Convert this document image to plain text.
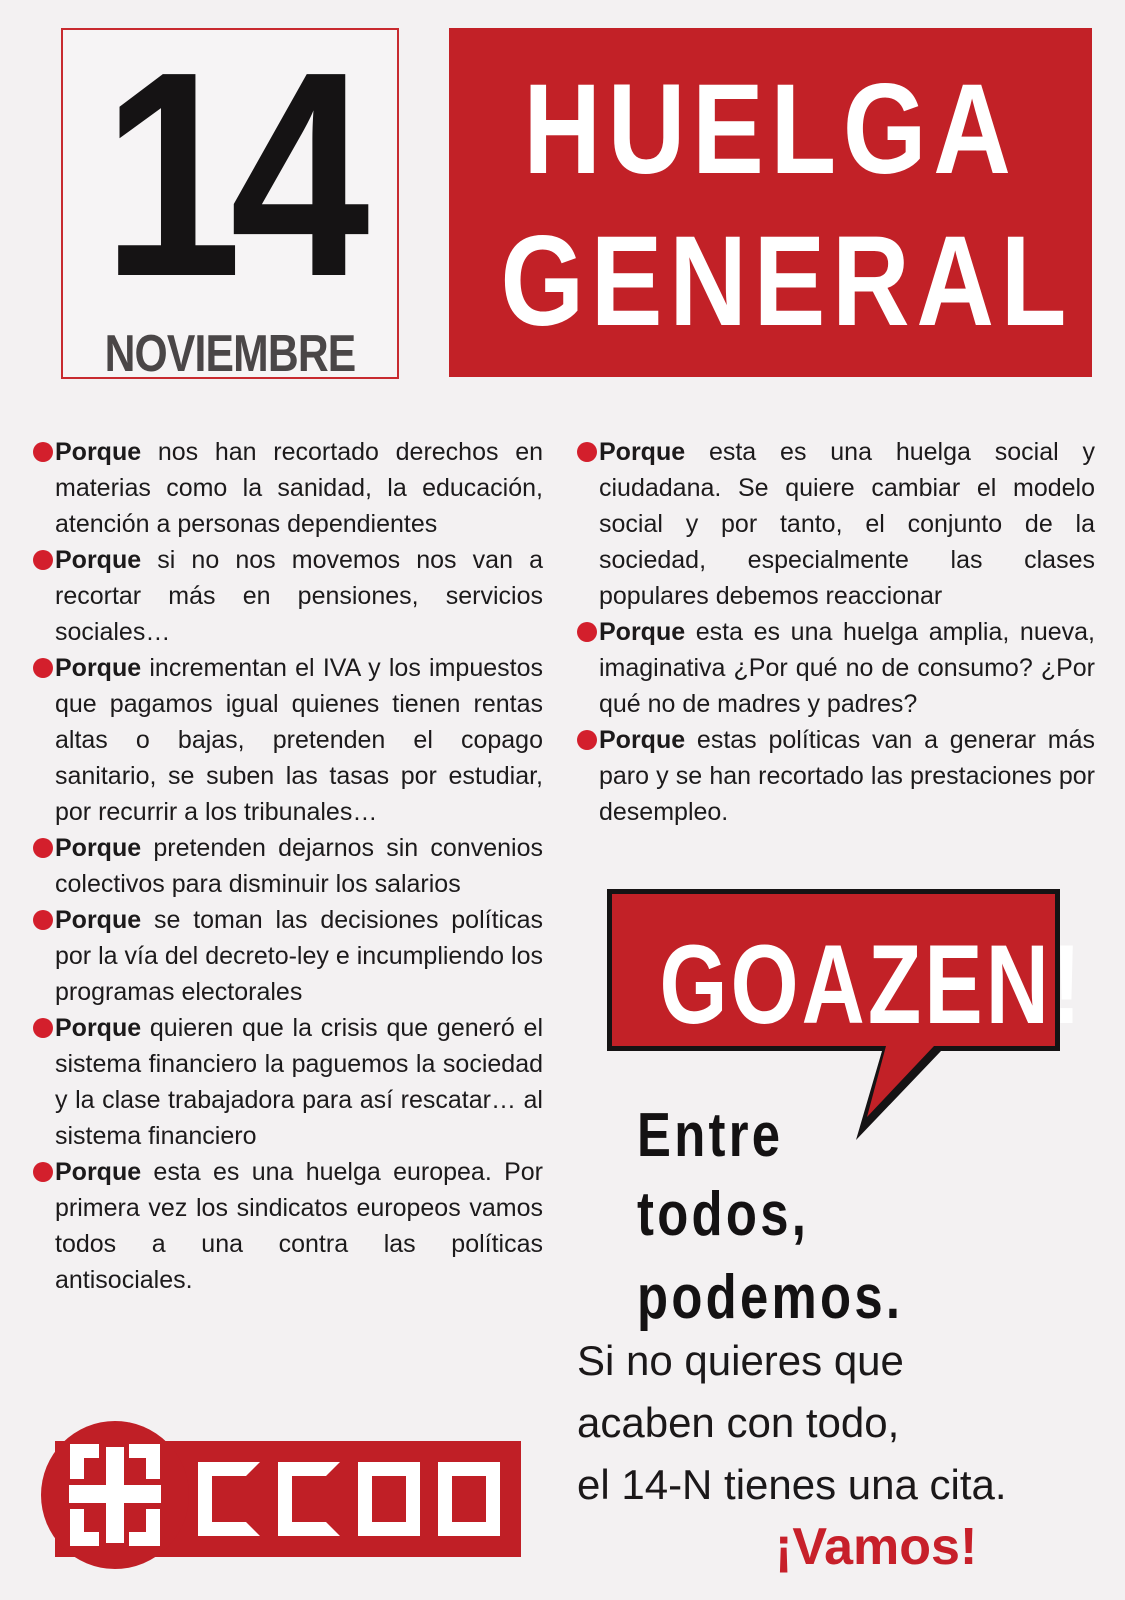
14
NOVIEMBRE
HUELGA
GENERAL
Porque nos han recortado derechos en materias como la sanidad, la educación, atención a personas dependientes
Porque si no nos movemos nos van a recortar más en pensiones, servicios sociales…
Porque incrementan el IVA y los impuestos que pagamos igual quienes tienen rentas altas o bajas, pretenden el copago sanitario, se suben las tasas por estudiar, por recurrir a los tribunales…
Porque pretenden dejarnos sin convenios colectivos para disminuir los salarios
Porque se toman las decisiones políticas por la vía del decreto-ley e incumpliendo los programas electorales
Porque quieren que la crisis que generó el sistema financiero la paguemos la sociedad y la clase trabajadora para así rescatar… al sistema financiero
Porque esta es una huelga europea. Por primera vez los sindicatos europeos vamos todos a una contra las políticas antisociales.
Porque esta es una huelga social y ciudadana. Se quiere cambiar el modelo social y por tanto, el conjunto de la sociedad, especialmente las clases populares debemos reaccionar
Porque esta es una huelga amplia, nueva, imaginativa ¿Por qué no de consumo? ¿Por qué no de madres y padres?
Porque estas políticas van a generar más paro y se han recortado las prestaciones por desempleo.
GOAZEN!
Entre
todos,
podemos.
Si no quieres que
acaben con todo,
el 14-N tienes una cita.
¡Vamos!
